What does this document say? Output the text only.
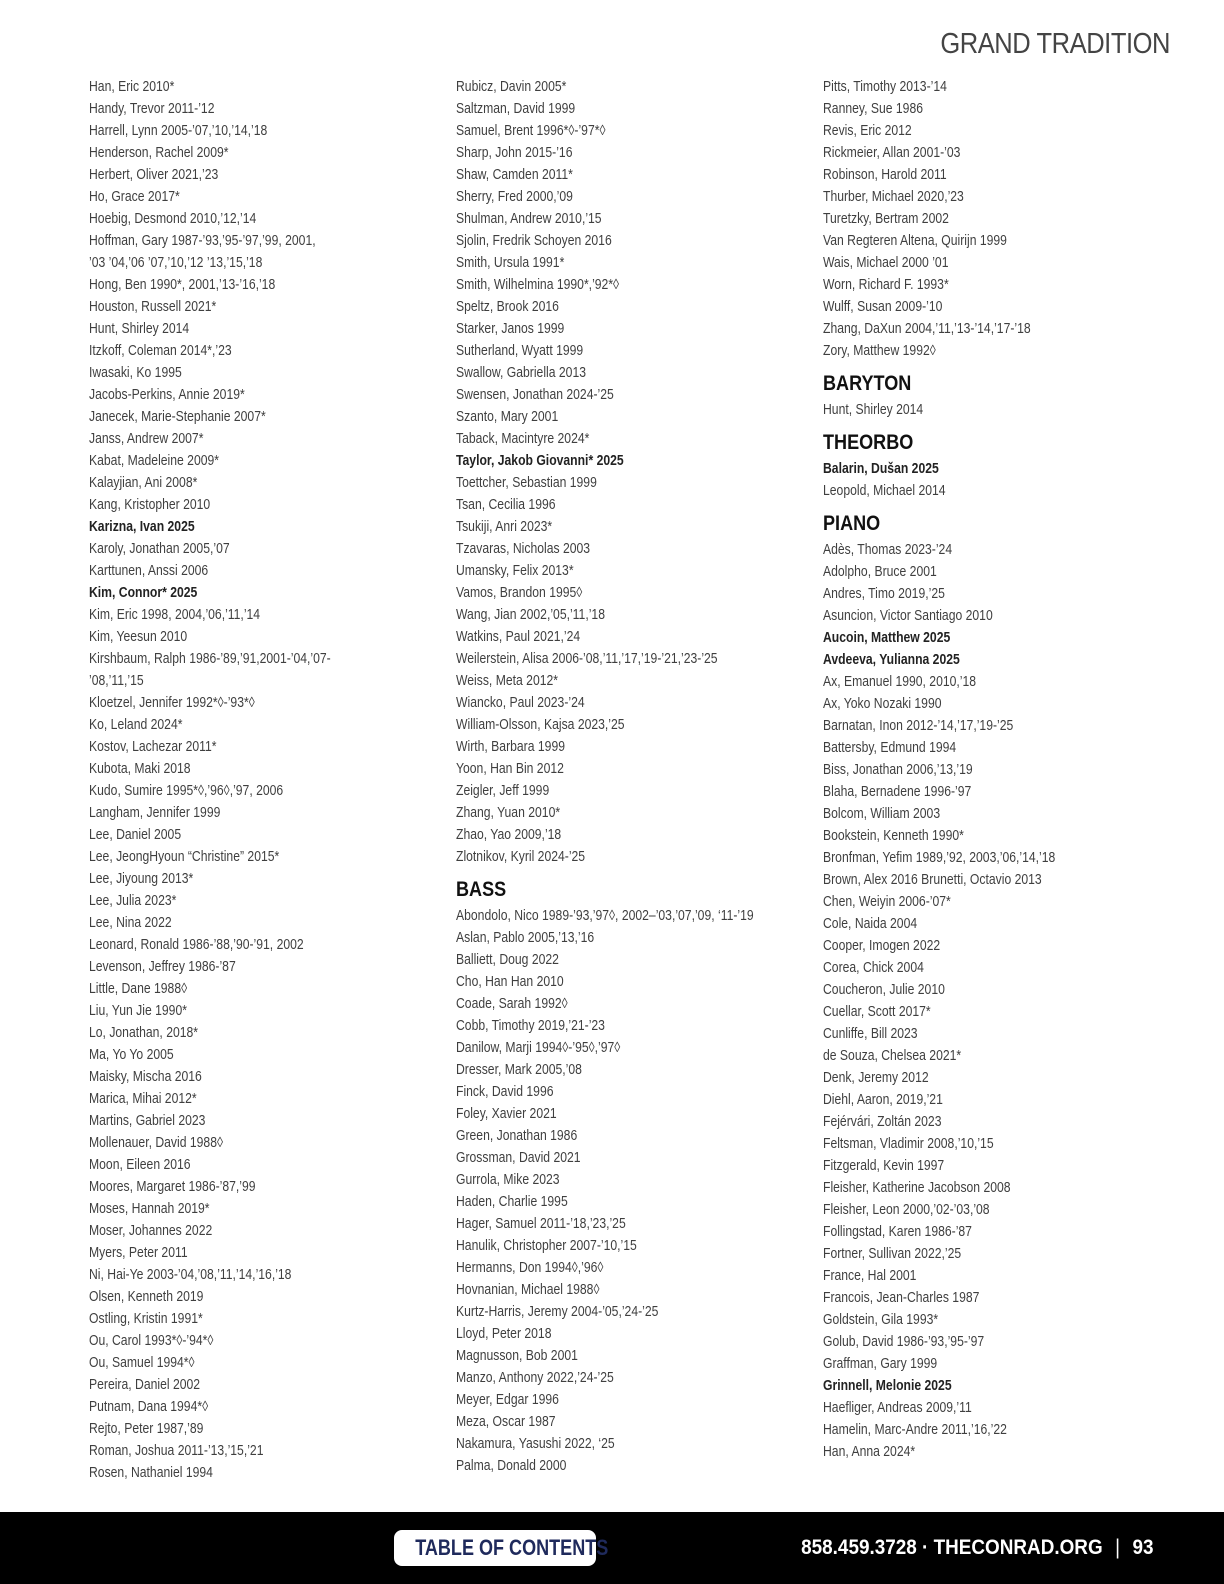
GRAND TRADITION
Han, Eric 2010*
Handy, Trevor 2011-’12
Harrell, Lynn 2005-’07,’10,’14,’18
Henderson, Rachel 2009*
Herbert, Oliver 2021,’23
Ho, Grace 2017*
Hoebig, Desmond 2010,’12,’14
Hoffman, Gary 1987-’93,’95-’97,’99, 2001,
’03 ’04,’06 ’07,’10,’12 ’13,’15,’18
Hong, Ben 1990*, 2001,’13-’16,’18
Houston, Russell 2021*
Hunt, Shirley 2014
Itzkoff, Coleman 2014*,’23
Iwasaki, Ko 1995
Jacobs-Perkins, Annie 2019*
Janecek, Marie-Stephanie 2007*
Janss, Andrew 2007*
Kabat, Madeleine 2009*
Kalayjian, Ani 2008*
Kang, Kristopher 2010
Karizna, Ivan 2025
Karoly, Jonathan 2005,’07
Karttunen, Anssi 2006
Kim, Connor* 2025
Kim, Eric 1998, 2004,’06,’11,’14
Kim, Yeesun 2010
Kirshbaum, Ralph 1986-’89,’91,2001-’04,’07-
’08,’11,’15
Kloetzel, Jennifer 1992*◊-’93*◊
Ko, Leland 2024*
Kostov, Lachezar 2011*
Kubota, Maki 2018
Kudo, Sumire 1995*◊,’96◊,’97, 2006
Langham, Jennifer 1999
Lee, Daniel 2005
Lee, JeongHyoun “Christine” 2015*
Lee, Jiyoung 2013*
Lee, Julia 2023*
Lee, Nina 2022
Leonard, Ronald 1986-’88,’90-’91, 2002
Levenson, Jeffrey 1986-’87
Little, Dane 1988◊
Liu, Yun Jie 1990*
Lo, Jonathan, 2018*
Ma, Yo Yo 2005
Maisky, Mischa 2016
Marica, Mihai 2012*
Martins, Gabriel 2023
Mollenauer, David 1988◊
Moon, Eileen 2016
Moores, Margaret 1986-’87,’99
Moses, Hannah 2019*
Moser, Johannes 2022
Myers, Peter 2011
Ni, Hai-Ye 2003-’04,’08,’11,’14,’16,’18
Olsen, Kenneth 2019
Ostling, Kristin 1991*
Ou, Carol 1993*◊-’94*◊
Ou, Samuel 1994*◊
Pereira, Daniel 2002
Putnam, Dana 1994*◊
Rejto, Peter 1987,’89
Roman, Joshua 2011-’13,’15,’21
Rosen, Nathaniel 1994
Rubicz, Davin 2005*
Saltzman, David 1999
Samuel, Brent 1996*◊-’97*◊
Sharp, John 2015-’16
Shaw, Camden 2011*
Sherry, Fred 2000,’09
Shulman, Andrew 2010,’15
Sjolin, Fredrik Schoyen 2016
Smith, Ursula 1991*
Smith, Wilhelmina 1990*,’92*◊
Speltz, Brook 2016
Starker, Janos 1999
Sutherland, Wyatt 1999
Swallow, Gabriella 2013
Swensen, Jonathan 2024-’25
Szanto, Mary 2001
Taback, Macintyre 2024*
Taylor, Jakob Giovanni* 2025
Toettcher, Sebastian 1999
Tsan, Cecilia 1996
Tsukiji, Anri 2023*
Tzavaras, Nicholas 2003
Umansky, Felix 2013*
Vamos, Brandon 1995◊
Wang, Jian 2002,’05,’11,’18
Watkins, Paul 2021,’24
Weilerstein, Alisa 2006-’08,’11,’17,’19-’21,’23-’25
Weiss, Meta 2012*
Wiancko, Paul 2023-’24
William-Olsson, Kajsa 2023,’25
Wirth, Barbara 1999
Yoon, Han Bin 2012
Zeigler, Jeff 1999
Zhang, Yuan 2010*
Zhao, Yao 2009,’18
Zlotnikov, Kyril 2024-’25
BASS
Abondolo, Nico 1989-’93,’97◊, 2002–’03,’07,’09, ‘11-’19
Aslan, Pablo 2005,’13,’16
Balliett, Doug 2022
Cho, Han Han 2010
Coade, Sarah 1992◊
Cobb, Timothy 2019,’21-’23
Danilow, Marji 1994◊-’95◊,’97◊
Dresser, Mark 2005,’08
Finck, David 1996
Foley, Xavier 2021
Green, Jonathan 1986
Grossman, David 2021
Gurrola, Mike 2023
Haden, Charlie 1995
Hager, Samuel 2011-’18,’23,’25
Hanulik, Christopher 2007-’10,’15
Hermanns, Don 1994◊,’96◊
Hovnanian, Michael 1988◊
Kurtz-Harris, Jeremy 2004-’05,’24-’25
Lloyd, Peter 2018
Magnusson, Bob 2001
Manzo, Anthony 2022,’24-’25
Meyer, Edgar 1996
Meza, Oscar 1987
Nakamura, Yasushi 2022, ‘25
Palma, Donald 2000
Pitts, Timothy 2013-’14
Ranney, Sue 1986
Revis, Eric 2012
Rickmeier, Allan 2001-’03
Robinson, Harold 2011
Thurber, Michael 2020,’23
Turetzky, Bertram 2002
Van Regteren Altena, Quirijn 1999
Wais, Michael 2000 ’01
Worn, Richard F. 1993*
Wulff, Susan 2009-’10
Zhang, DaXun 2004,’11,’13-’14,’17-’18
Zory, Matthew 1992◊
BARYTON
Hunt, Shirley 2014
THEORBO
Balarin, Dušan 2025
Leopold, Michael 2014
PIANO
Adès, Thomas 2023-’24
Adolpho, Bruce 2001
Andres, Timo 2019,’25
Asuncion, Victor Santiago 2010
Aucoin, Matthew 2025
Avdeeva, Yulianna 2025
Ax, Emanuel 1990, 2010,’18
Ax, Yoko Nozaki 1990
Barnatan, Inon 2012-’14,’17,’19-’25
Battersby, Edmund 1994
Biss, Jonathan 2006,’13,’19
Blaha, Bernadene 1996-’97
Bolcom, William 2003
Bookstein, Kenneth 1990*
Bronfman, Yefim 1989,’92, 2003,’06,’14,’18
Brown, Alex 2016 Brunetti, Octavio 2013
Chen, Weiyin 2006-’07*
Cole, Naida 2004
Cooper, Imogen 2022
Corea, Chick 2004
Coucheron, Julie 2010
Cuellar, Scott 2017*
Cunliffe, Bill 2023
de Souza, Chelsea 2021*
Denk, Jeremy 2012
Diehl, Aaron, 2019,’21
Fejérvári, Zoltán 2023
Feltsman, Vladimir 2008,’10,’15
Fitzgerald, Kevin 1997
Fleisher, Katherine Jacobson 2008
Fleisher, Leon 2000,’02-’03,’08
Follingstad, Karen 1986-’87
Fortner, Sullivan 2022,’25
France, Hal 2001
Francois, Jean-Charles 1987
Goldstein, Gila 1993*
Golub, David 1986-’93,’95-’97
Graffman, Gary 1999
Grinnell, Melonie 2025
Haefliger, Andreas 2009,’11
Hamelin, Marc-Andre 2011,’16,’22
Han, Anna 2024*
TABLE OF CONTENTS	858.459.3728 · THECONRAD.ORG | 93
